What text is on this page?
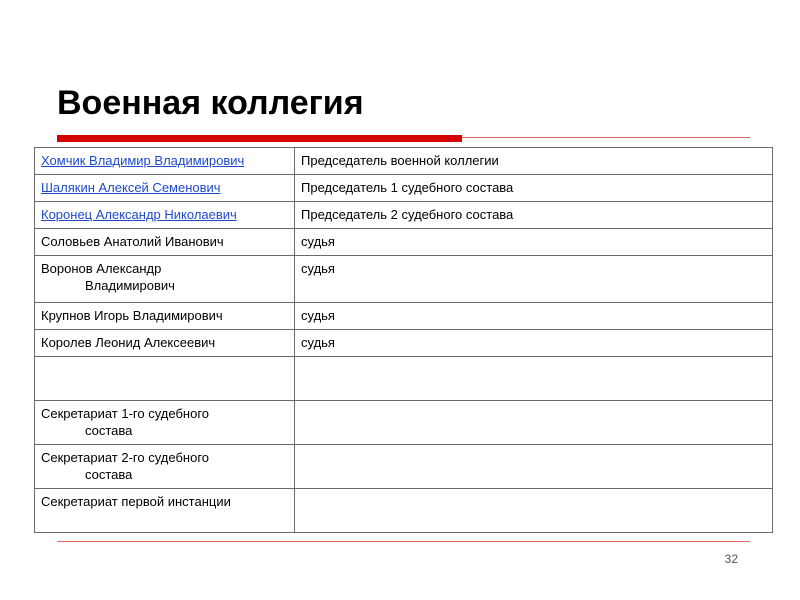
Военная коллегия
Хомчик Владимир Владимирович	Председатель военной коллегии
Шалякин Алексей Семенович	Председатель 1 судебного состава
Коронец Александр Николаевич	Председатель 2 судебного состава
Соловьев Анатолий Иванович	судья
Воронов Александр
Владимирович	судья
Крупнов Игорь Владимирович	судья
Королев Леонид Алексеевич	судья

Секретариат 1-го судебного
состава	

Секретариат 2-го судебного
состава	

Секретариат первой инстанции	
32
